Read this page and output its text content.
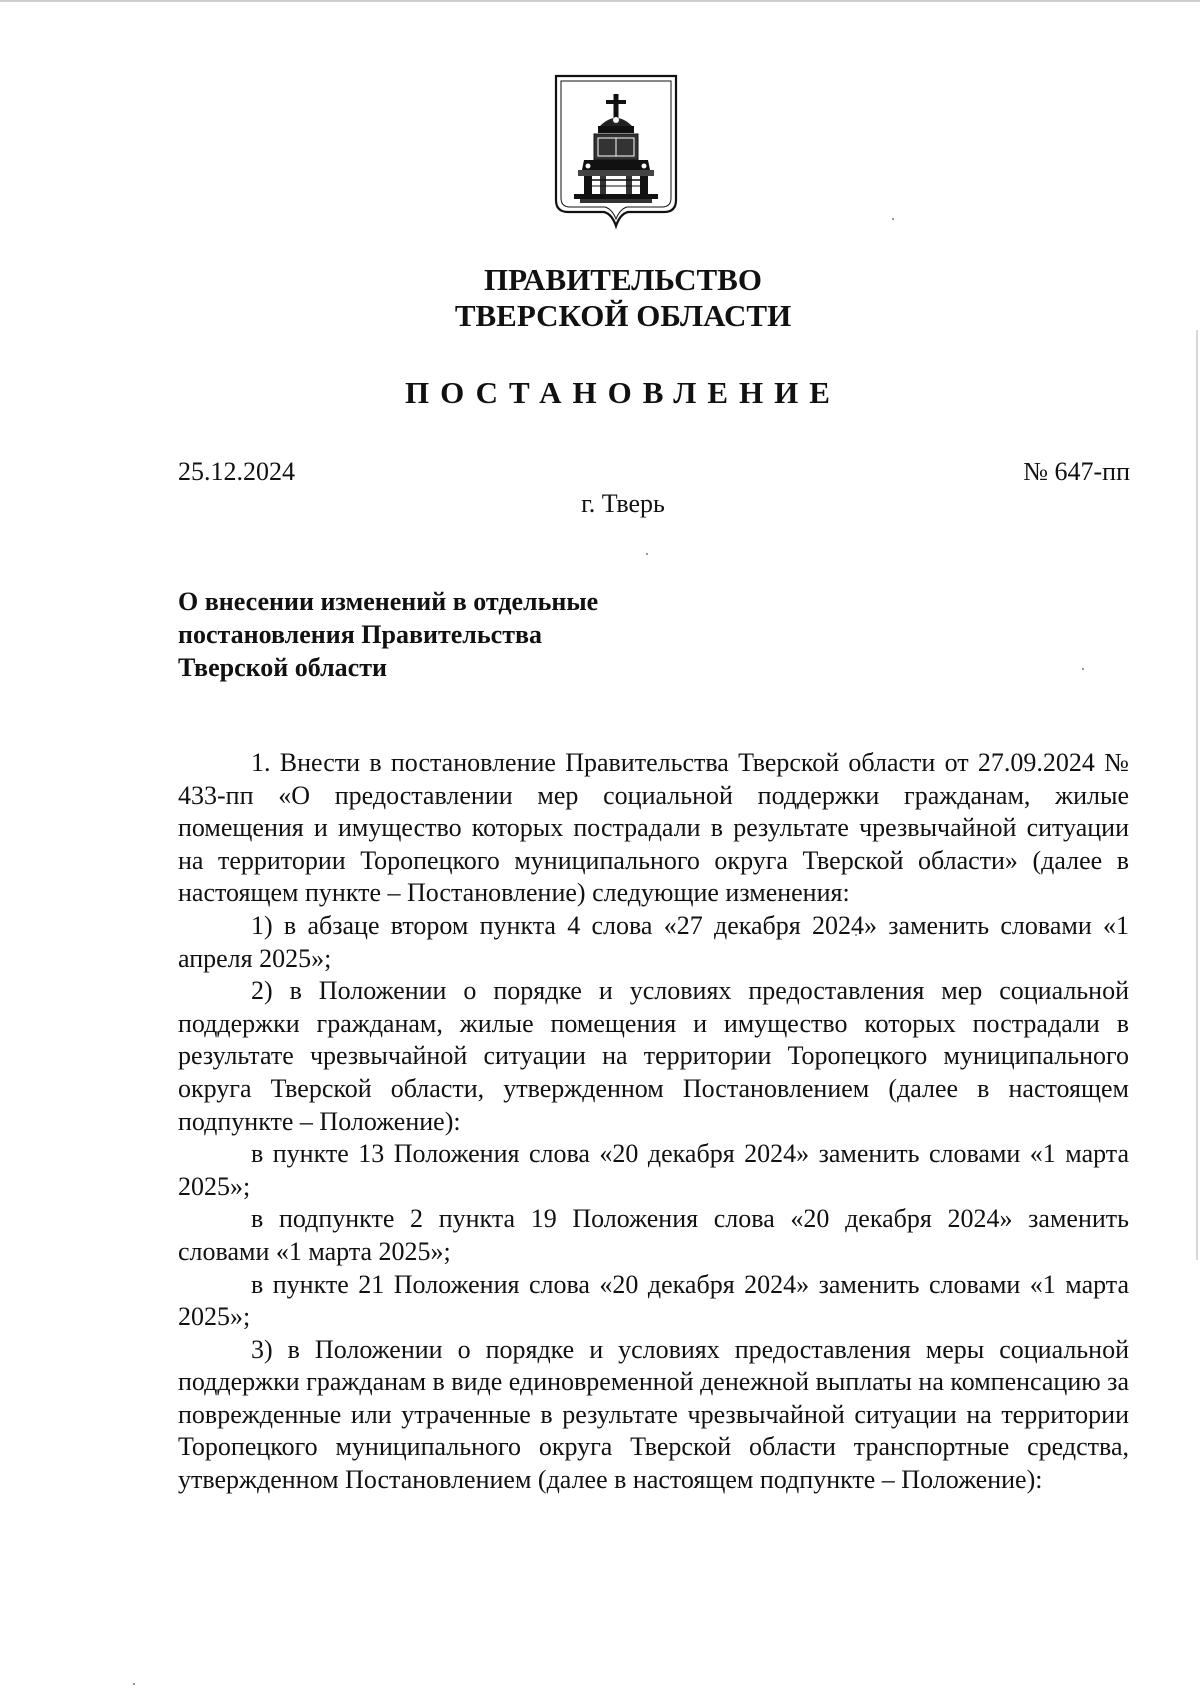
ПРАВИТЕЛЬСТВО
ТВЕРСКОЙ ОБЛАСТИ
ПОСТАНОВЛЕНИЕ
25.12.2024	№ 647-пп
г. Тверь
О внесении изменений в отдельные
постановления Правительства
Тверской области

1. Внести в постановление Правительства Тверской области от 27.09.2024 № 433-пп «О предоставлении мер социальной поддержки гражданам, жилые помещения и имущество которых пострадали в результате чрезвычайной ситуации на территории Торопецкого муниципального округа Тверской области» (далее в настоящем пункте – Постановление) следующие изменения:

1) в абзаце втором пункта 4 слова «27 декабря 2024» заменить словами «1 апреля 2025»;

2) в Положении о порядке и условиях предоставления мер социальной поддержки гражданам, жилые помещения и имущество которых пострадали в результате чрезвычайной ситуации на территории Торопецкого муниципального округа Тверской области, утвержденном Постановлением (далее в настоящем подпункте – Положение):

в пункте 13 Положения слова «20 декабря 2024» заменить словами «1 марта 2025»;

в подпункте 2 пункта 19 Положения слова «20 декабря 2024» заменить словами «1 марта 2025»;

в пункте 21 Положения слова «20 декабря 2024» заменить словами «1 марта 2025»;

3) в Положении о порядке и условиях предоставления меры социальной поддержки гражданам в виде единовременной денежной выплаты на компенсацию за поврежденные или утраченные в результате чрезвычайной ситуации на территории Торопецкого муниципального округа Тверской области транспортные средства, утвержденном Постановлением (далее в настоящем подпункте – Положение):
